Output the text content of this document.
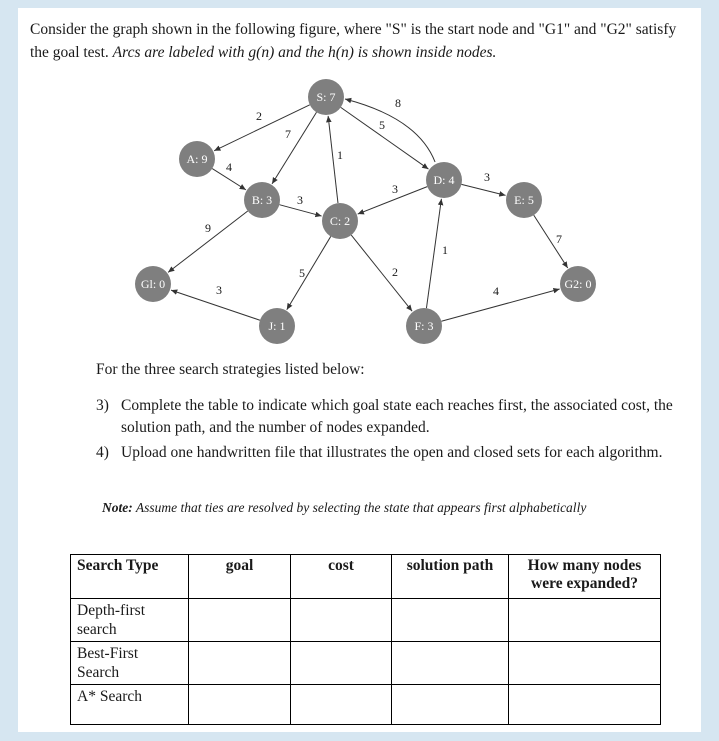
Consider the graph shown in the following figure, where "S" is the start node and "G1" and "G2" satisfy the goal test. Arcs are labeled with g(n) and the h(n) is shown inside nodes.

2
7
5
8
1
4
3
9
3
3
7
5	2
3
1
4
S: 7
A: 9
B: 3
C: 2
D: 4
E: 5
Gl: 0	G2: 0
J: 1	F: 3

For the three search strategies listed below:

3) Complete the table to indicate which goal state each reaches first, the associated cost, the solution path, and the number of nodes expanded.
4) Upload one handwritten file that illustrates the open and closed sets for each algorithm.
Note: Assume that ties are resolved by selecting the state that appears first alphabetically
Search Type	goal	cost	solution path	How many nodes were expanded?
Depth-first search				
Best-First Search				
A* Search				
